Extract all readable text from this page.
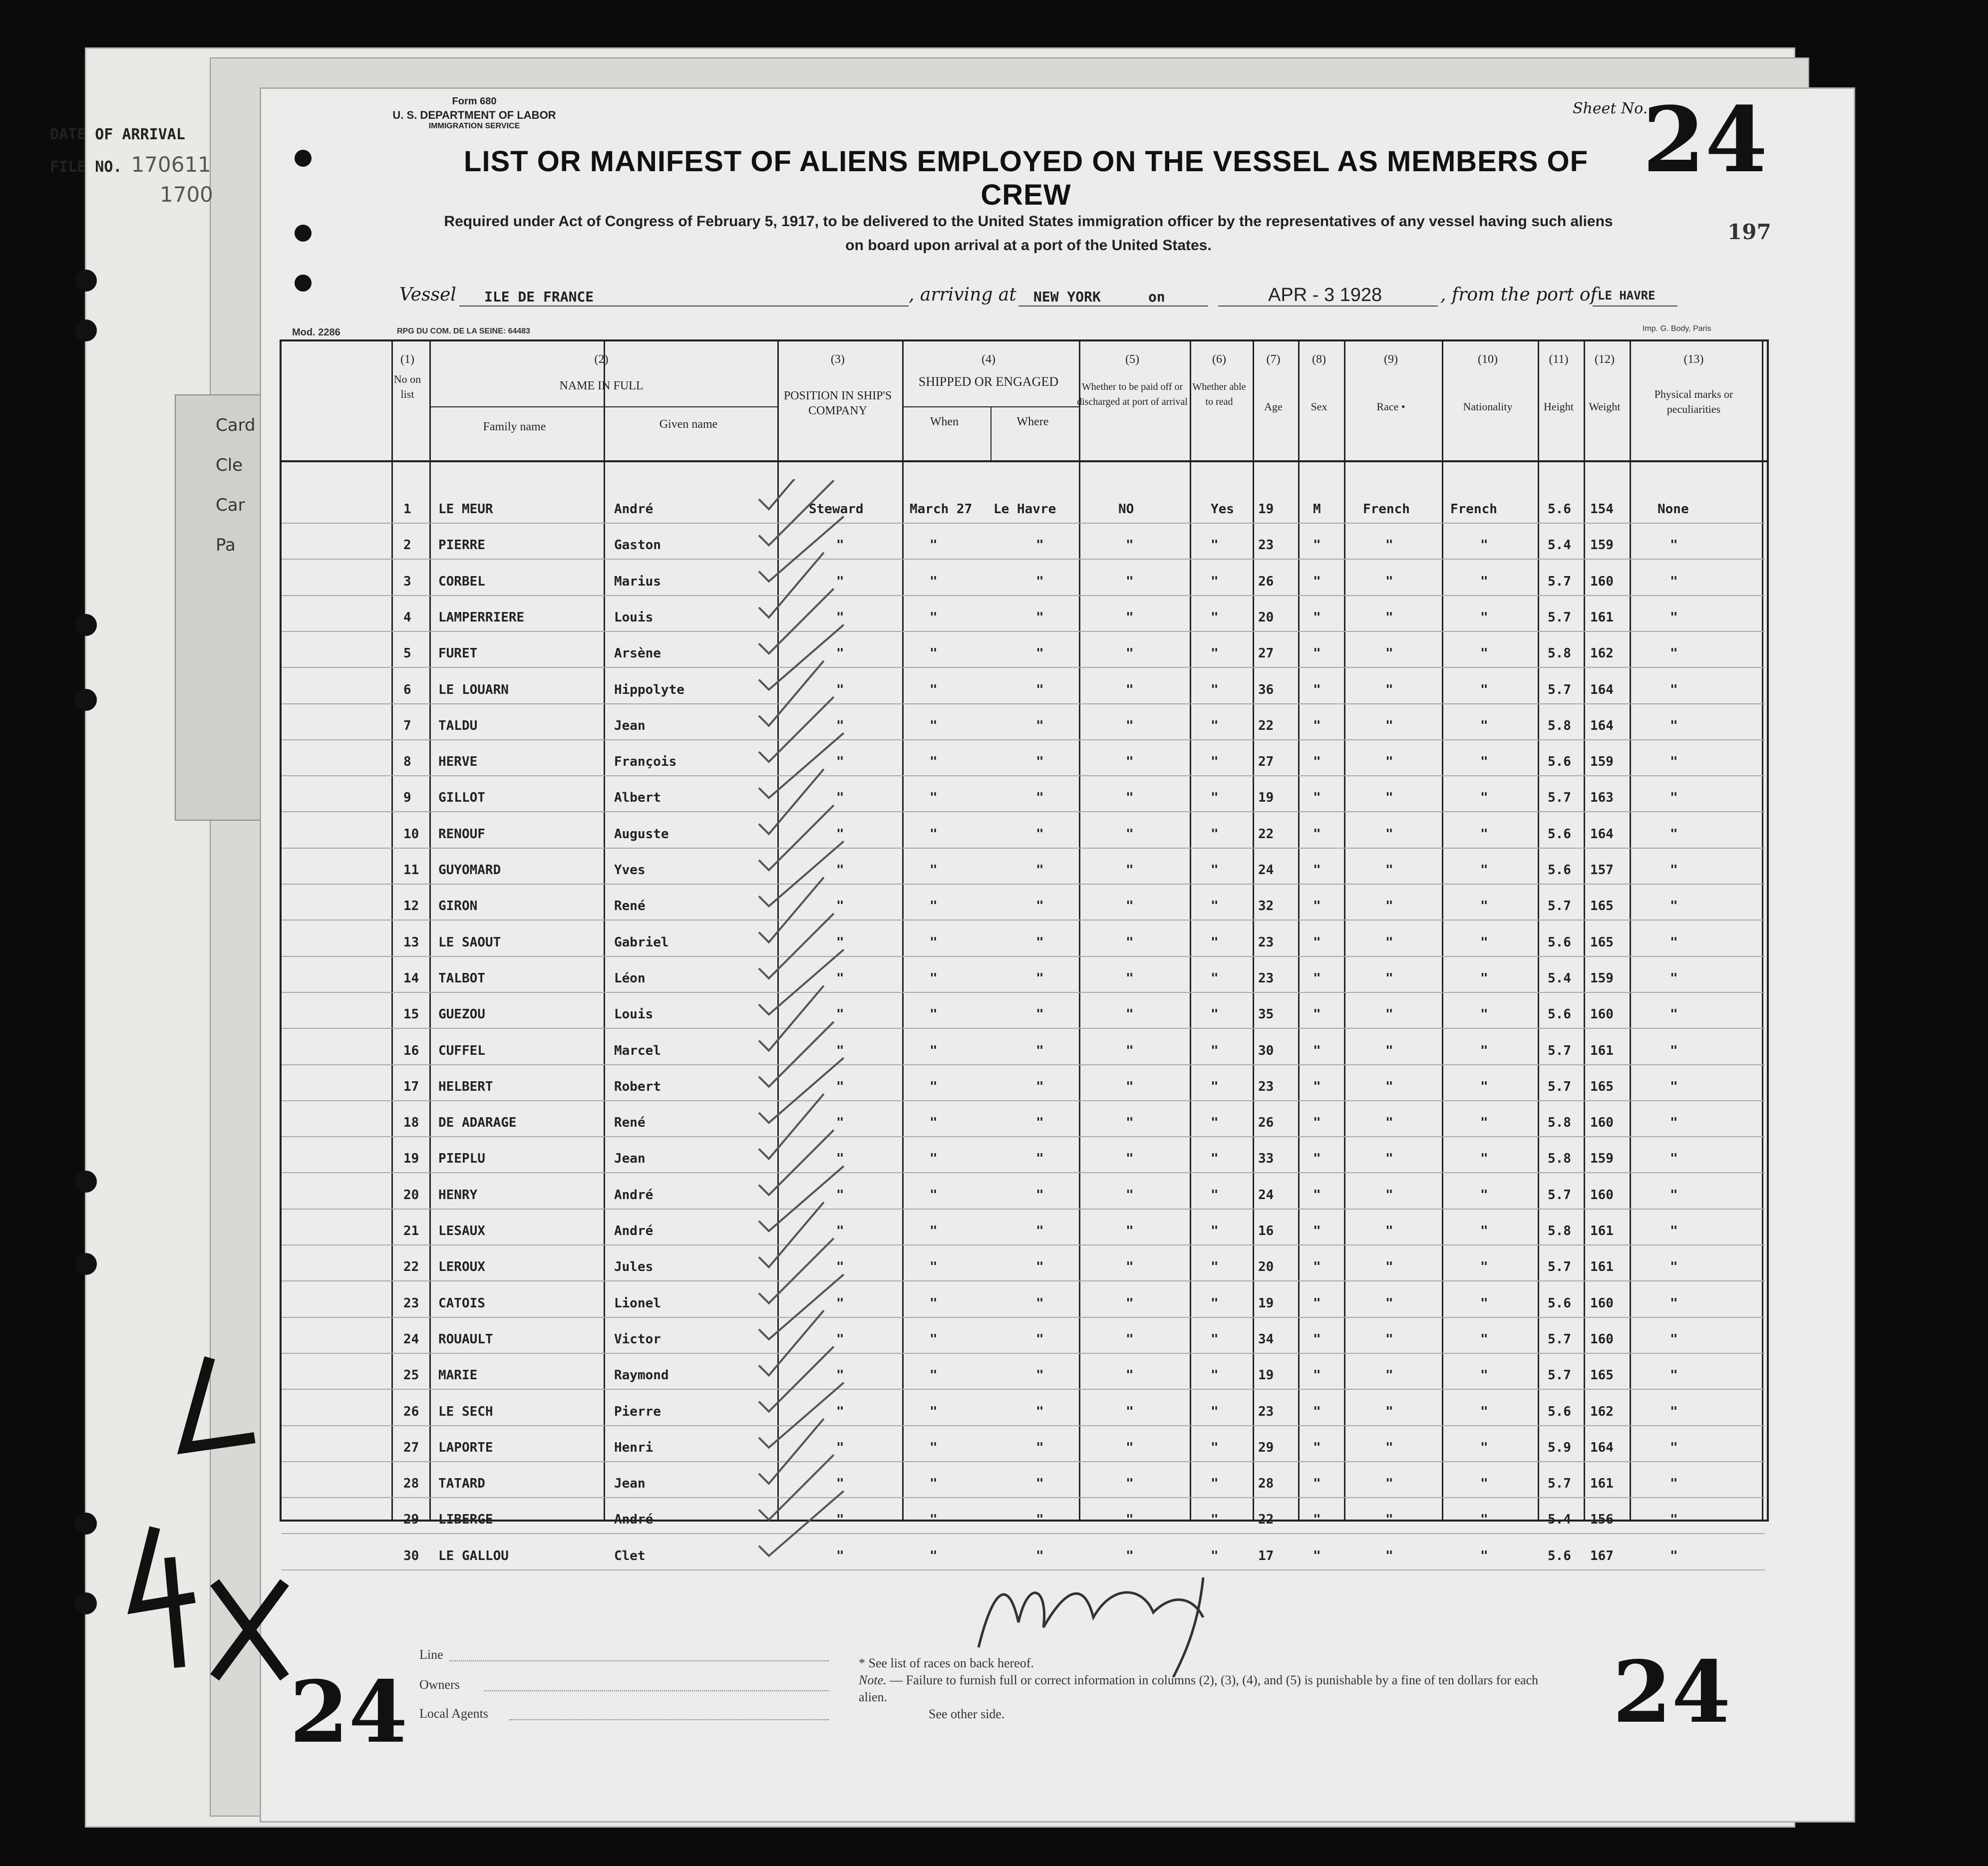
DATE OF ARRIVAL
FILE NO. 170611
1700
Card
Cle
Car
Pa
Form 680
U. S. DEPARTMENT OF LABOR
IMMIGRATION SERVICE
LIST OR MANIFEST OF ALIENS EMPLOYED ON THE VESSEL AS MEMBERS OF CREW
Required under Act of Congress of February 5, 1917, to be delivered to the United States immigration officer by the representatives of any vessel having such aliens
on board upon arrival at a port of the United States.
Sheet No.
24
197
Vessel ILE DE FRANCE	, arriving at NEW YORK	on	APR - 3 1928	, from the port of LE HAVRE
Mod. 2286	RPG DU COM. DE LA SEINE: 64483	Imp. G. Body, Paris
(1)
No on list
(2)
NAME IN FULL
Family name	Given name
(3)
POSITION IN SHIP'S COMPANY
(4)
SHIPPED OR ENGAGED
When	Where
(5)
Whether to be paid off or discharged at port of arrival
(6)
Whether able to read
(7)
Age
(8)
Sex
(9)
Race •
(10)
Nationality
(11)
Height
(12)
Weight
(13)
Physical marks or peculiarities
1 LE MEUR	André	Steward	March 27 Le Havre	NO	Yes 19	M	French	French	5.6 154	None
2 PIERRE	Gaston	"	"	"	"	"	23	"	"	"	5.4 159	"
3 CORBEL	Marius	"	"	"	"	"	26	"	"	"	5.7 160	"
4 LAMPERRIERE	Louis	"	"	"	"	"	20	"	"	"	5.7 161	"
5 FURET	Arsène	"	"	"	"	"	27	"	"	"	5.8 162	"
6 LE LOUARN	Hippolyte	"	"	"	"	"	36	"	"	"	5.7 164	"
7 TALDU	Jean	"	"	"	"	"	22	"	"	"	5.8 164	"
8 HERVE	François	"	"	"	"	"	27	"	"	"	5.6 159	"
9 GILLOT	Albert	"	"	"	"	"	19	"	"	"	5.7 163	"
10 RENOUF	Auguste	"	"	"	"	"	22	"	"	"	5.6 164	"
11 GUYOMARD	Yves	"	"	"	"	"	24	"	"	"	5.6 157	"
12 GIRON	René	"	"	"	"	"	32	"	"	"	5.7 165	"
13 LE SAOUT	Gabriel	"	"	"	"	"	23	"	"	"	5.6 165	"
14 TALBOT	Léon	"	"	"	"	"	23	"	"	"	5.4 159	"
15 GUEZOU	Louis	"	"	"	"	"	35	"	"	"	5.6 160	"
16 CUFFEL	Marcel	"	"	"	"	"	30	"	"	"	5.7 161	"
17 HELBERT	Robert	"	"	"	"	"	23	"	"	"	5.7 165	"
18 DE ADARAGE	René	"	"	"	"	"	26	"	"	"	5.8 160	"
19 PIEPLU	Jean	"	"	"	"	"	33	"	"	"	5.8 159	"
20 HENRY	André	"	"	"	"	"	24	"	"	"	5.7 160	"
21 LESAUX	André	"	"	"	"	"	16	"	"	"	5.8 161	"
22 LEROUX	Jules	"	"	"	"	"	20	"	"	"	5.7 161	"
23 CATOIS	Lionel	"	"	"	"	"	19	"	"	"	5.6 160	"
24 ROUAULT	Victor	"	"	"	"	"	34	"	"	"	5.7 160	"
25 MARIE	Raymond	"	"	"	"	"	19	"	"	"	5.7 165	"
26 LE SECH	Pierre	"	"	"	"	"	23	"	"	"	5.6 162	"
27 LAPORTE	Henri	"	"	"	"	"	29	"	"	"	5.9 164	"
28 TATARD	Jean	"	"	"	"	"	28	"	"	"	5.7 161	"
29 LIBERGE	André	"	"	"	"	"	22	"	"	"	5.4 156	"
30 LE GALLOU	Clet	"	"	"	"	"	17	"	"	"	5.6 167	"
Line
Owners
Local Agents
* See list of races on back hereof.
Note. — Failure to furnish full or correct information in columns (2), (3), (4), and (5) is punishable by a fine of ten dollars for each alien.
See other side.
24	24
